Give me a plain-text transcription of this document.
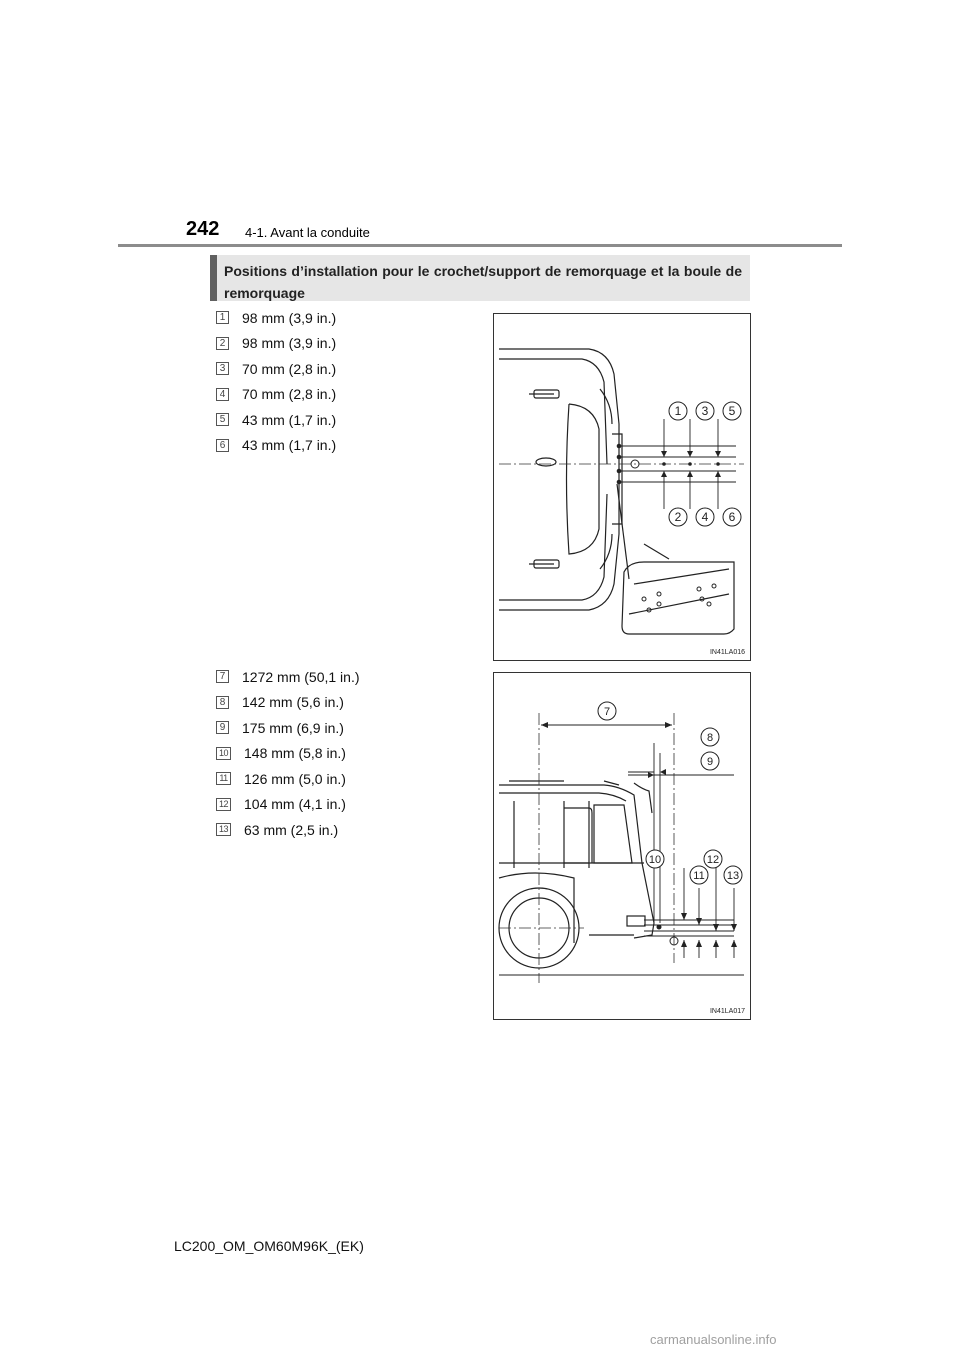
242 4-1. Avant la conduite
Positions d’installation pour le crochet/support de remorquage et la boule de remorquage
1 98 mm (3,9 in.)
2 98 mm (3,9 in.)
3 70 mm (2,8 in.)
4 70 mm (2,8 in.)
5 43 mm (1,7 in.)
6 43 mm (1,7 in.)
7 1272 mm (50,1 in.)
8 142 mm (5,6 in.)
9 175 mm (6,9 in.)
10 148 mm (5,8 in.)
11 126 mm (5,0 in.)
12 104 mm (4,1 in.)
13 63 mm (2,5 in.)
1 3 5
2 4 6
IN41LA016
7
8
9
10
11
12
13
IN41LA017
LC200_OM_OM60M96K_(EK)
carmanualsonline.info
